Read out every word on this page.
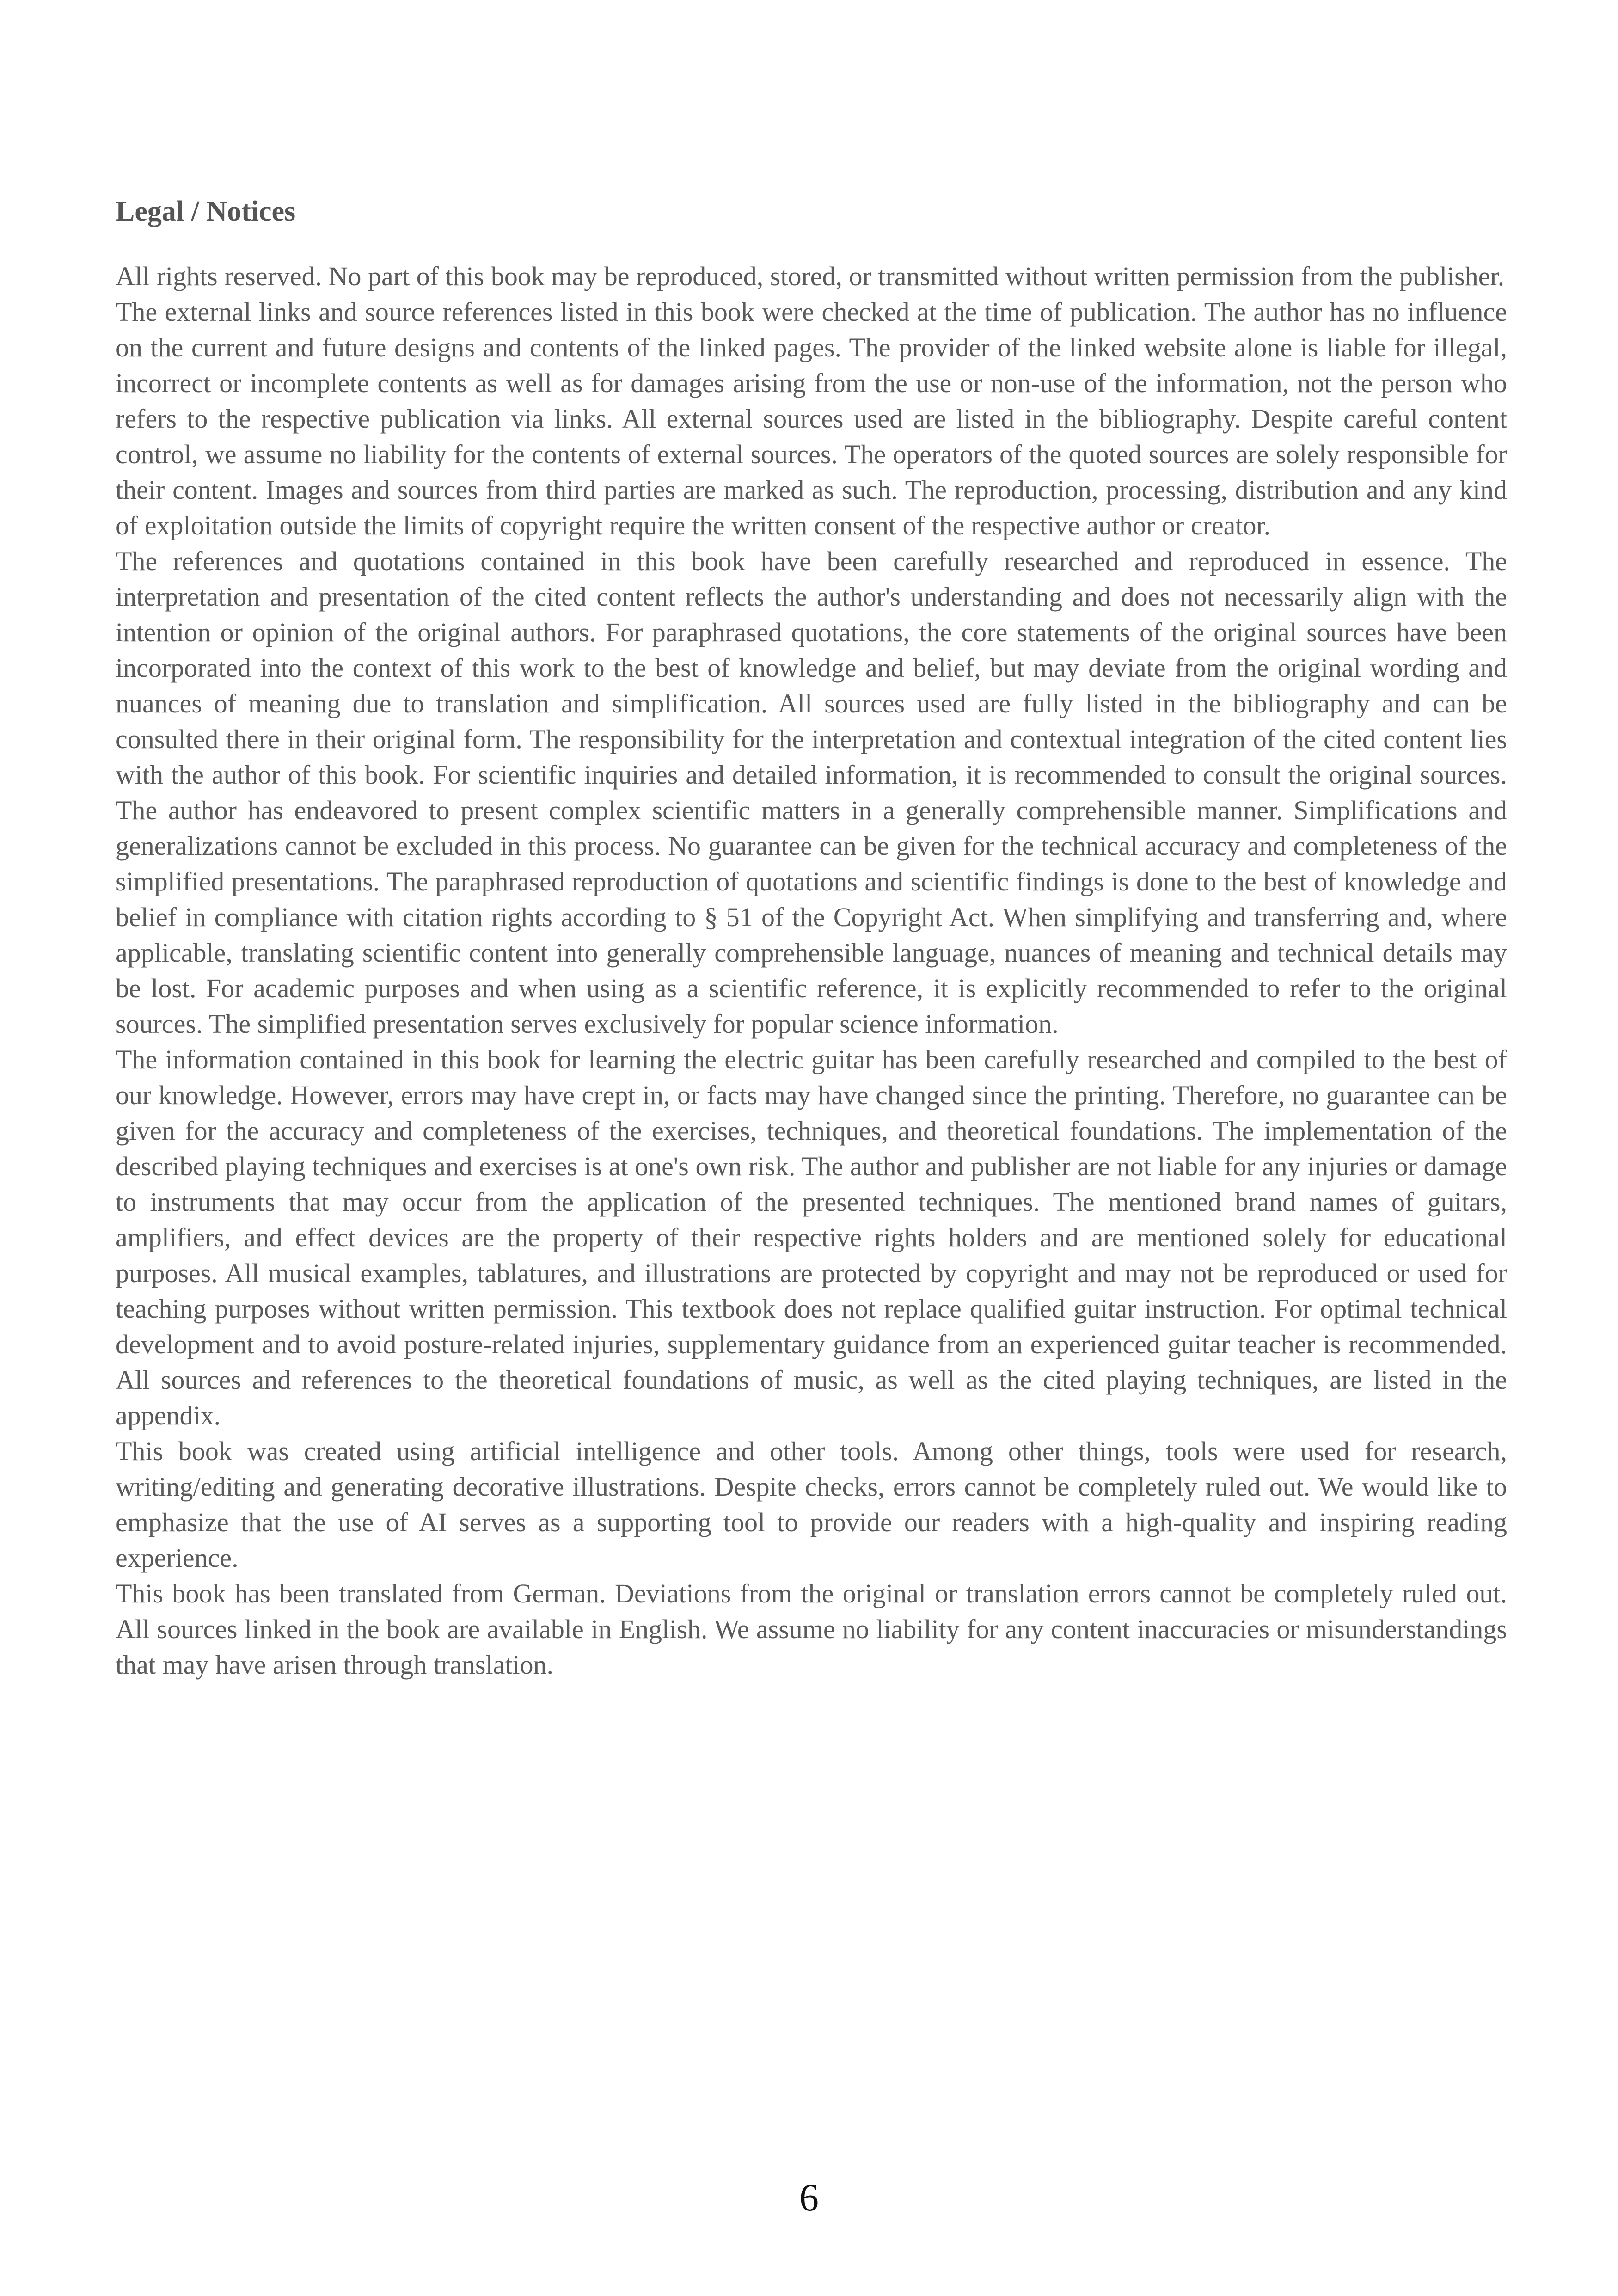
Legal / Notices

All rights reserved. No part of this book may be reproduced, stored, or transmitted without written permission from the publisher.

The external links and source references listed in this book were checked at the time of publication. The author has no influence on the current and future designs and contents of the linked pages. The provider of the linked website alone is liable for illegal, incorrect or incomplete contents as well as for damages arising from the use or non-use of the information, not the person who refers to the respective publication via links. All external sources used are listed in the bibliography. Despite careful content control, we assume no liability for the contents of external sources. The operators of the quoted sources are solely responsible for their content. Images and sources from third parties are marked as such. The reproduction, processing, distribution and any kind of exploitation outside the limits of copyright require the written consent of the respective author or creator.

The references and quotations contained in this book have been carefully researched and reproduced in essence. The interpretation and presentation of the cited content reflects the author's understanding and does not necessarily align with the intention or opinion of the original authors. For paraphrased quotations, the core statements of the original sources have been incorporated into the context of this work to the best of knowledge and belief, but may deviate from the original wording and nuances of meaning due to translation and simplification. All sources used are fully listed in the bibliography and can be consulted there in their original form. The responsibility for the interpretation and contextual integration of the cited content lies with the author of this book. For scientific inquiries and detailed information, it is recommended to consult the original sources. The author has endeavored to present complex scientific matters in a generally comprehensible manner. Simplifications and generalizations cannot be excluded in this process. No guarantee can be given for the technical accuracy and completeness of the simplified presentations. The paraphrased reproduction of quotations and scientific findings is done to the best of knowledge and belief in compliance with citation rights according to § 51 of the Copyright Act. When simplifying and transferring and, where applicable, translating scientific content into generally comprehensible language, nuances of meaning and technical details may be lost. For academic purposes and when using as a scientific reference, it is explicitly recommended to refer to the original sources. The simplified presentation serves exclusively for popular science information.

The information contained in this book for learning the electric guitar has been carefully researched and compiled to the best of our knowledge. However, errors may have crept in, or facts may have changed since the printing. Therefore, no guarantee can be given for the accuracy and completeness of the exercises, techniques, and theoretical foundations. The implementation of the described playing techniques and exercises is at one's own risk. The author and publisher are not liable for any injuries or damage to instruments that may occur from the application of the presented techniques. The mentioned brand names of guitars, amplifiers, and effect devices are the property of their respective rights holders and are mentioned solely for educational purposes. All musical examples, tablatures, and illustrations are protected by copyright and may not be reproduced or used for teaching purposes without written permission. This textbook does not replace qualified guitar instruction. For optimal technical development and to avoid posture-related injuries, supplementary guidance from an experienced guitar teacher is recommended. All sources and references to the theoretical foundations of music, as well as the cited playing techniques, are listed in the appendix.

This book was created using artificial intelligence and other tools. Among other things, tools were used for research, writing/editing and generating decorative illustrations. Despite checks, errors cannot be completely ruled out. We would like to emphasize that the use of AI serves as a supporting tool to provide our readers with a high-quality and inspiring reading experience.

This book has been translated from German. Deviations from the original or translation errors cannot be completely ruled out. All sources linked in the book are available in English. We assume no liability for any content inaccuracies or misunderstandings that may have arisen through translation.

6
